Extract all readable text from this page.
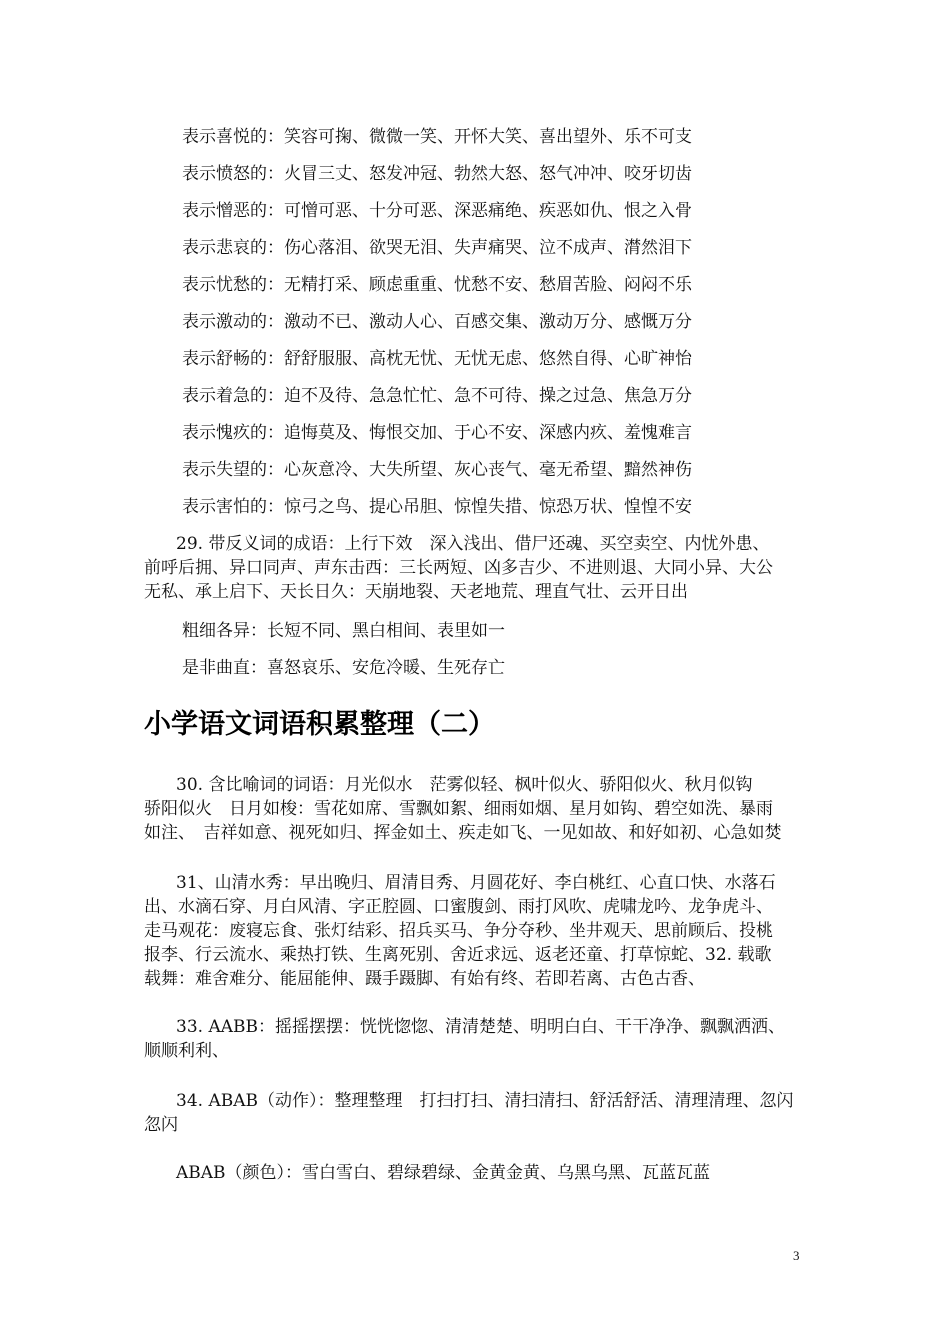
表示喜悦的：笑容可掬、微微一笑、开怀大笑、喜出望外、乐不可支
表示愤怒的：火冒三丈、怒发冲冠、勃然大怒、怒气冲冲、咬牙切齿
表示憎恶的：可憎可恶、十分可恶、深恶痛绝、疾恶如仇、恨之入骨
表示悲哀的：伤心落泪、欲哭无泪、失声痛哭、泣不成声、潸然泪下
表示忧愁的：无精打采、顾虑重重、忧愁不安、愁眉苦脸、闷闷不乐
表示激动的：激动不已、激动人心、百感交集、激动万分、感慨万分
表示舒畅的：舒舒服服、高枕无忧、无忧无虑、悠然自得、心旷神怡
表示着急的：迫不及待、急急忙忙、急不可待、操之过急、焦急万分
表示愧疚的：追悔莫及、悔恨交加、于心不安、深感内疚、羞愧难言
表示失望的：心灰意冷、大失所望、灰心丧气、毫无希望、黯然神伤
表示害怕的：惊弓之鸟、提心吊胆、惊惶失措、惊恐万状、惶惶不安
29. 带反义词的成语：上行下效　深入浅出、借尸还魂、买空卖空、内忧外患、
前呼后拥、异口同声、声东击西：三长两短、凶多吉少、不进则退、大同小异、大公
无私、承上启下、天长日久：天崩地裂、天老地荒、理直气壮、云开日出
粗细各异：长短不同、黑白相间、表里如一
是非曲直：喜怒哀乐、安危冷暖、生死存亡
小学语文词语积累整理（二）
30. 含比喻词的词语：月光似水　茫雾似轻、枫叶似火、骄阳似火、秋月似钩
骄阳似火　日月如梭：雪花如席、雪飘如絮、细雨如烟、星月如钩、碧空如洗、暴雨
如注、　吉祥如意、视死如归、挥金如土、疾走如飞、一见如故、和好如初、心急如焚
31、山清水秀：早出晚归、眉清目秀、月圆花好、李白桃红、心直口快、水落石
出、水滴石穿、月白风清、字正腔圆、口蜜腹剑、雨打风吹、虎啸龙吟、龙争虎斗、
走马观花：废寝忘食、张灯结彩、招兵买马、争分夺秒、坐井观天、思前顾后、投桃
报李、行云流水、乘热打铁、生离死别、舍近求远、返老还童、打草惊蛇、32. 载歌
载舞：难舍难分、能屈能伸、蹑手蹑脚、有始有终、若即若离、古色古香、
33. AABB：摇摇摆摆：恍恍惚惚、清清楚楚、明明白白、干干净净、飘飘洒洒、
顺顺利利、
34. ABAB（动作）：整理整理　打扫打扫、清扫清扫、舒活舒活、清理清理、忽闪
忽闪
ABAB（颜色）：雪白雪白、碧绿碧绿、金黄金黄、乌黑乌黑、瓦蓝瓦蓝
3
